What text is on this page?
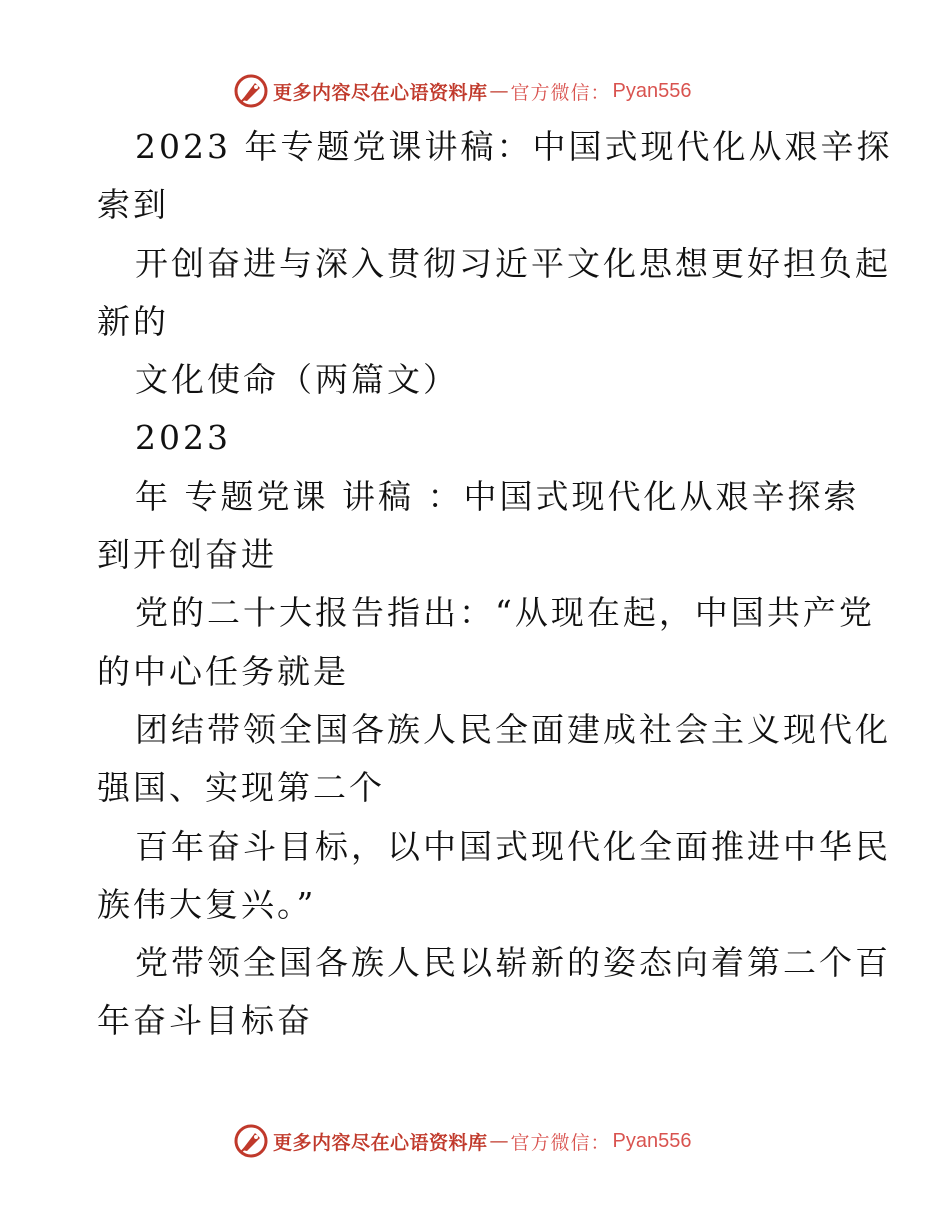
更多内容尽在心语资料库 — 官方微信： Pyan556
2023 年专题党课讲稿：中国式现代化从艰辛探
索到
开创奋进与深入贯彻习近平文化思想更好担负起
新的
文化使命（两篇文）
2023
年 专题党课 讲稿 ：中国式现代化从艰辛探索
到开创奋进
党的二十大报告指出：“从现在起，中国共产党
的中心任务就是
团结带领全国各族人民全面建成社会主义现代化
强国、实现第二个
百年奋斗目标，以中国式现代化全面推进中华民
族伟大复兴。”
党带领全国各族人民以崭新的姿态向着第二个百
年奋斗目标奋
更多内容尽在心语资料库 — 官方微信： Pyan556
